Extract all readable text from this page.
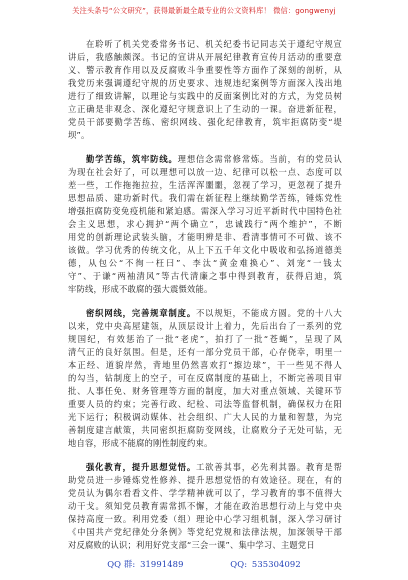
关注头条号“公文研究”，获得最新最全最专业的公文资料库！ 微信：gongwenyj
在聆听了机关党委常务书记、机关纪委书记同志关于遵纪守规宣
讲后，我感触颇深。书记的宣讲从开展纪律教育宣传月活动的重要意
义、警示教育作用以及反腐败斗争重要性等方面作了深刻的剖析，从
我党历来强调遵纪守规的历史要求、违规违纪案例等方面深入浅出地
进行了细致讲解，以理论与实践中的反面案例比对的方式，为党员树
立正确是非观念、深化遵纪守规意识上了生动的一课。奋进新征程，
党员干部要勤学苦练、密织网线、强化纪律教育，筑牢拒腐防变“堤
坝”。
勤学苦练，筑牢防线。理想信念需常修常炼。当前，有的党员认
为现在社会好了，可以理想可以放一边、纪律可以松一点、态度可以
差一些，工作拖拖拉拉，生活浑浑噩噩，忽视了学习，更忽视了提升
思想品质、建功新时代。我们需在新征程上继续勤学苦练，锤炼党性
增强拒腐防变免疫机能和紧迫感。需深入学习习近平新时代中国特色社
会主义思想，求心拥护“两个确立”，忠诚践行“两个维护”，不断
用党的创新理论武装头脑，才能明辨是非、看清事情可不可做、该不
该做。学习优秀的传统文化，从上下五千年文化中吸收和弘扬道德美
德，从包公“不徇一枉曰”、李汰“黄金难换心”、刘宠“一钱太
守”、于谦“两袖清风”等古代清廉之事中得到教育，获得启迪，筑
牢防线，形成不敢腐的强大震慑效能。
密织网线，完善规章制度。不以规矩，不能成方圆。党的十八大
以来，党中央高屋建瓴，从顶层设计上着力，先后出台了一系列的党
规国纪，有效惩治了一批“老虎”，拍打了一批“苍蝇”，呈现了风
清气正的良好氛围。但是，还有一部分党员干部，心存侥幸，明里一
本正经、道貌岸然，背地里仍然喜欢打“擦边球”，干一些见不得人
的勾当，钻制度上的空子，可在反腐制度的基础上，不断完善项目审
批、人事任免、财务管理等方面的制度，加大对重点领域、关键环节
重要人员的约束；完善行政、纪检、司法等监督机制，确保权力在阳
光下运行；积极调动媒体、社会组织、广大人民的力量和智慧，为完
善制度建言献策，共同密织拒腐防变网线，让腐败分子无处可钻，无
地自容，形成不能腐的刚性制度约束。
强化教育，提升思想觉悟。工欲善其事，必先利其器。教育是帮
助党员进一步锤炼党性修养、提升思想觉悟的有效途径。现在，有的
党员认为偶尔看看文件、学学精神就可以了，学习教育的事不值得大
动干戈。须知党员教育需常抓不懈，才能在政治思想行动上与党中央
保持高度一致。利用党委（组）理论中心学习组机制，深入学习研讨
《中国共产党纪律处分条例》等党纪党规和法律法规，加深领导干部
对反腐败的认识；利用好党支部“三会一课”、集中学习、主题党日
QQ 群: 31991489	QQ: 535304092
